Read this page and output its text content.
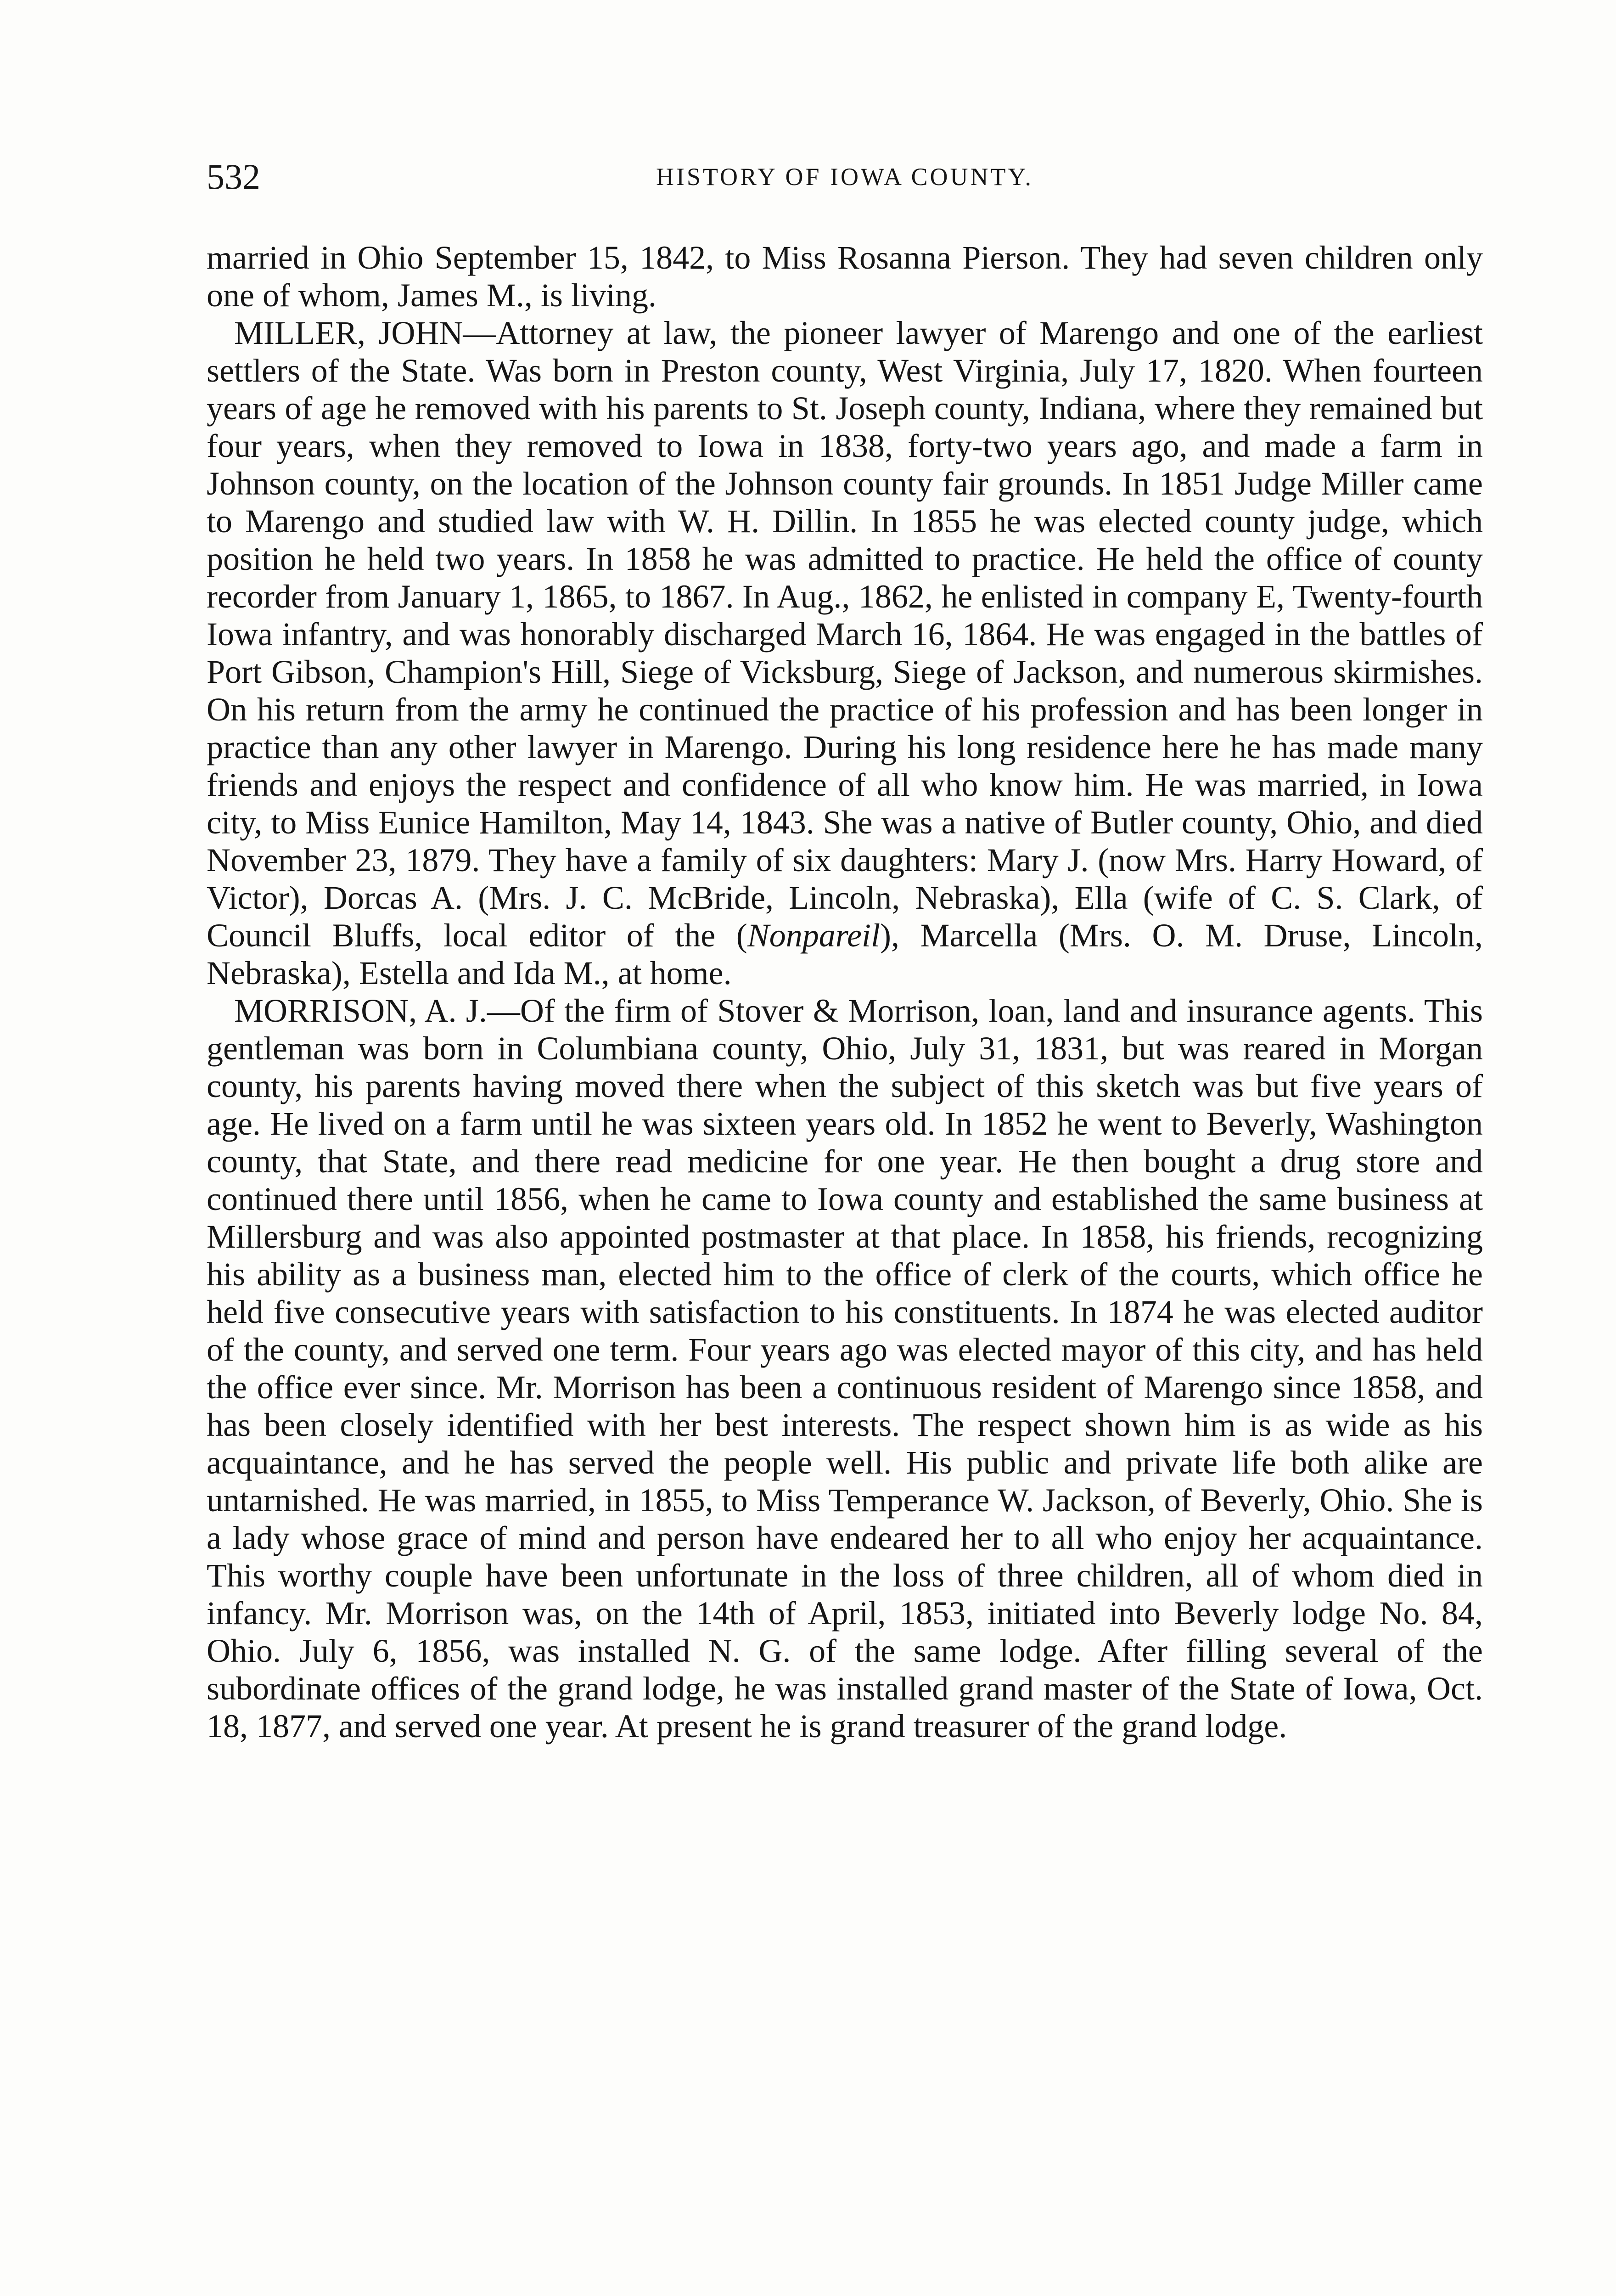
532	HISTORY OF IOWA COUNTY.

married in Ohio September 15, 1842, to Miss Rosanna Pierson. They had seven children only one of whom, James M., is living.

MILLER, JOHN—Attorney at law, the pioneer lawyer of Marengo and one of the earliest settlers of the State. Was born in Preston county, West Virginia, July 17, 1820. When fourteen years of age he removed with his parents to St. Joseph county, Indiana, where they remained but four years, when they removed to Iowa in 1838, forty-two years ago, and made a farm in Johnson county, on the location of the Johnson county fair grounds. In 1851 Judge Miller came to Marengo and studied law with W. H. Dillin. In 1855 he was elected county judge, which position he held two years. In 1858 he was admitted to practice. He held the office of county recorder from January 1, 1865, to 1867. In Aug., 1862, he enlisted in company E, Twenty-fourth Iowa infantry, and was honorably discharged March 16, 1864. He was engaged in the battles of Port Gibson, Champion's Hill, Siege of Vicksburg, Siege of Jackson, and numerous skirmishes. On his return from the army he continued the practice of his profession and has been longer in practice than any other lawyer in Marengo. During his long residence here he has made many friends and enjoys the respect and confidence of all who know him. He was married, in Iowa city, to Miss Eunice Hamilton, May 14, 1843. She was a native of Butler county, Ohio, and died November 23, 1879. They have a family of six daughters: Mary J. (now Mrs. Harry Howard, of Victor), Dorcas A. (Mrs. J. C. McBride, Lincoln, Nebraska), Ella (wife of C. S. Clark, of Council Bluffs, local editor of the (Nonpareil), Marcella (Mrs. O. M. Druse, Lincoln, Nebraska), Estella and Ida M., at home.

MORRISON, A. J.—Of the firm of Stover & Morrison, loan, land and insurance agents. This gentleman was born in Columbiana county, Ohio, July 31, 1831, but was reared in Morgan county, his parents having moved there when the subject of this sketch was but five years of age. He lived on a farm until he was sixteen years old. In 1852 he went to Beverly, Washington county, that State, and there read medicine for one year. He then bought a drug store and continued there until 1856, when he came to Iowa county and established the same business at Millersburg and was also appointed postmaster at that place. In 1858, his friends, recognizing his ability as a business man, elected him to the office of clerk of the courts, which office he held five consecutive years with satisfaction to his constituents. In 1874 he was elected auditor of the county, and served one term. Four years ago was elected mayor of this city, and has held the office ever since. Mr. Morrison has been a continuous resident of Marengo since 1858, and has been closely identified with her best interests. The respect shown him is as wide as his acquaintance, and he has served the people well. His public and private life both alike are untarnished. He was married, in 1855, to Miss Temperance W. Jackson, of Beverly, Ohio. She is a lady whose grace of mind and person have endeared her to all who enjoy her acquaintance. This worthy couple have been unfortunate in the loss of three children, all of whom died in infancy. Mr. Morrison was, on the 14th of April, 1853, initiated into Beverly lodge No. 84, Ohio. July 6, 1856, was installed N. G. of the same lodge. After filling several of the subordinate offices of the grand lodge, he was installed grand master of the State of Iowa, Oct. 18, 1877, and served one year. At present he is grand treasurer of the grand lodge.
